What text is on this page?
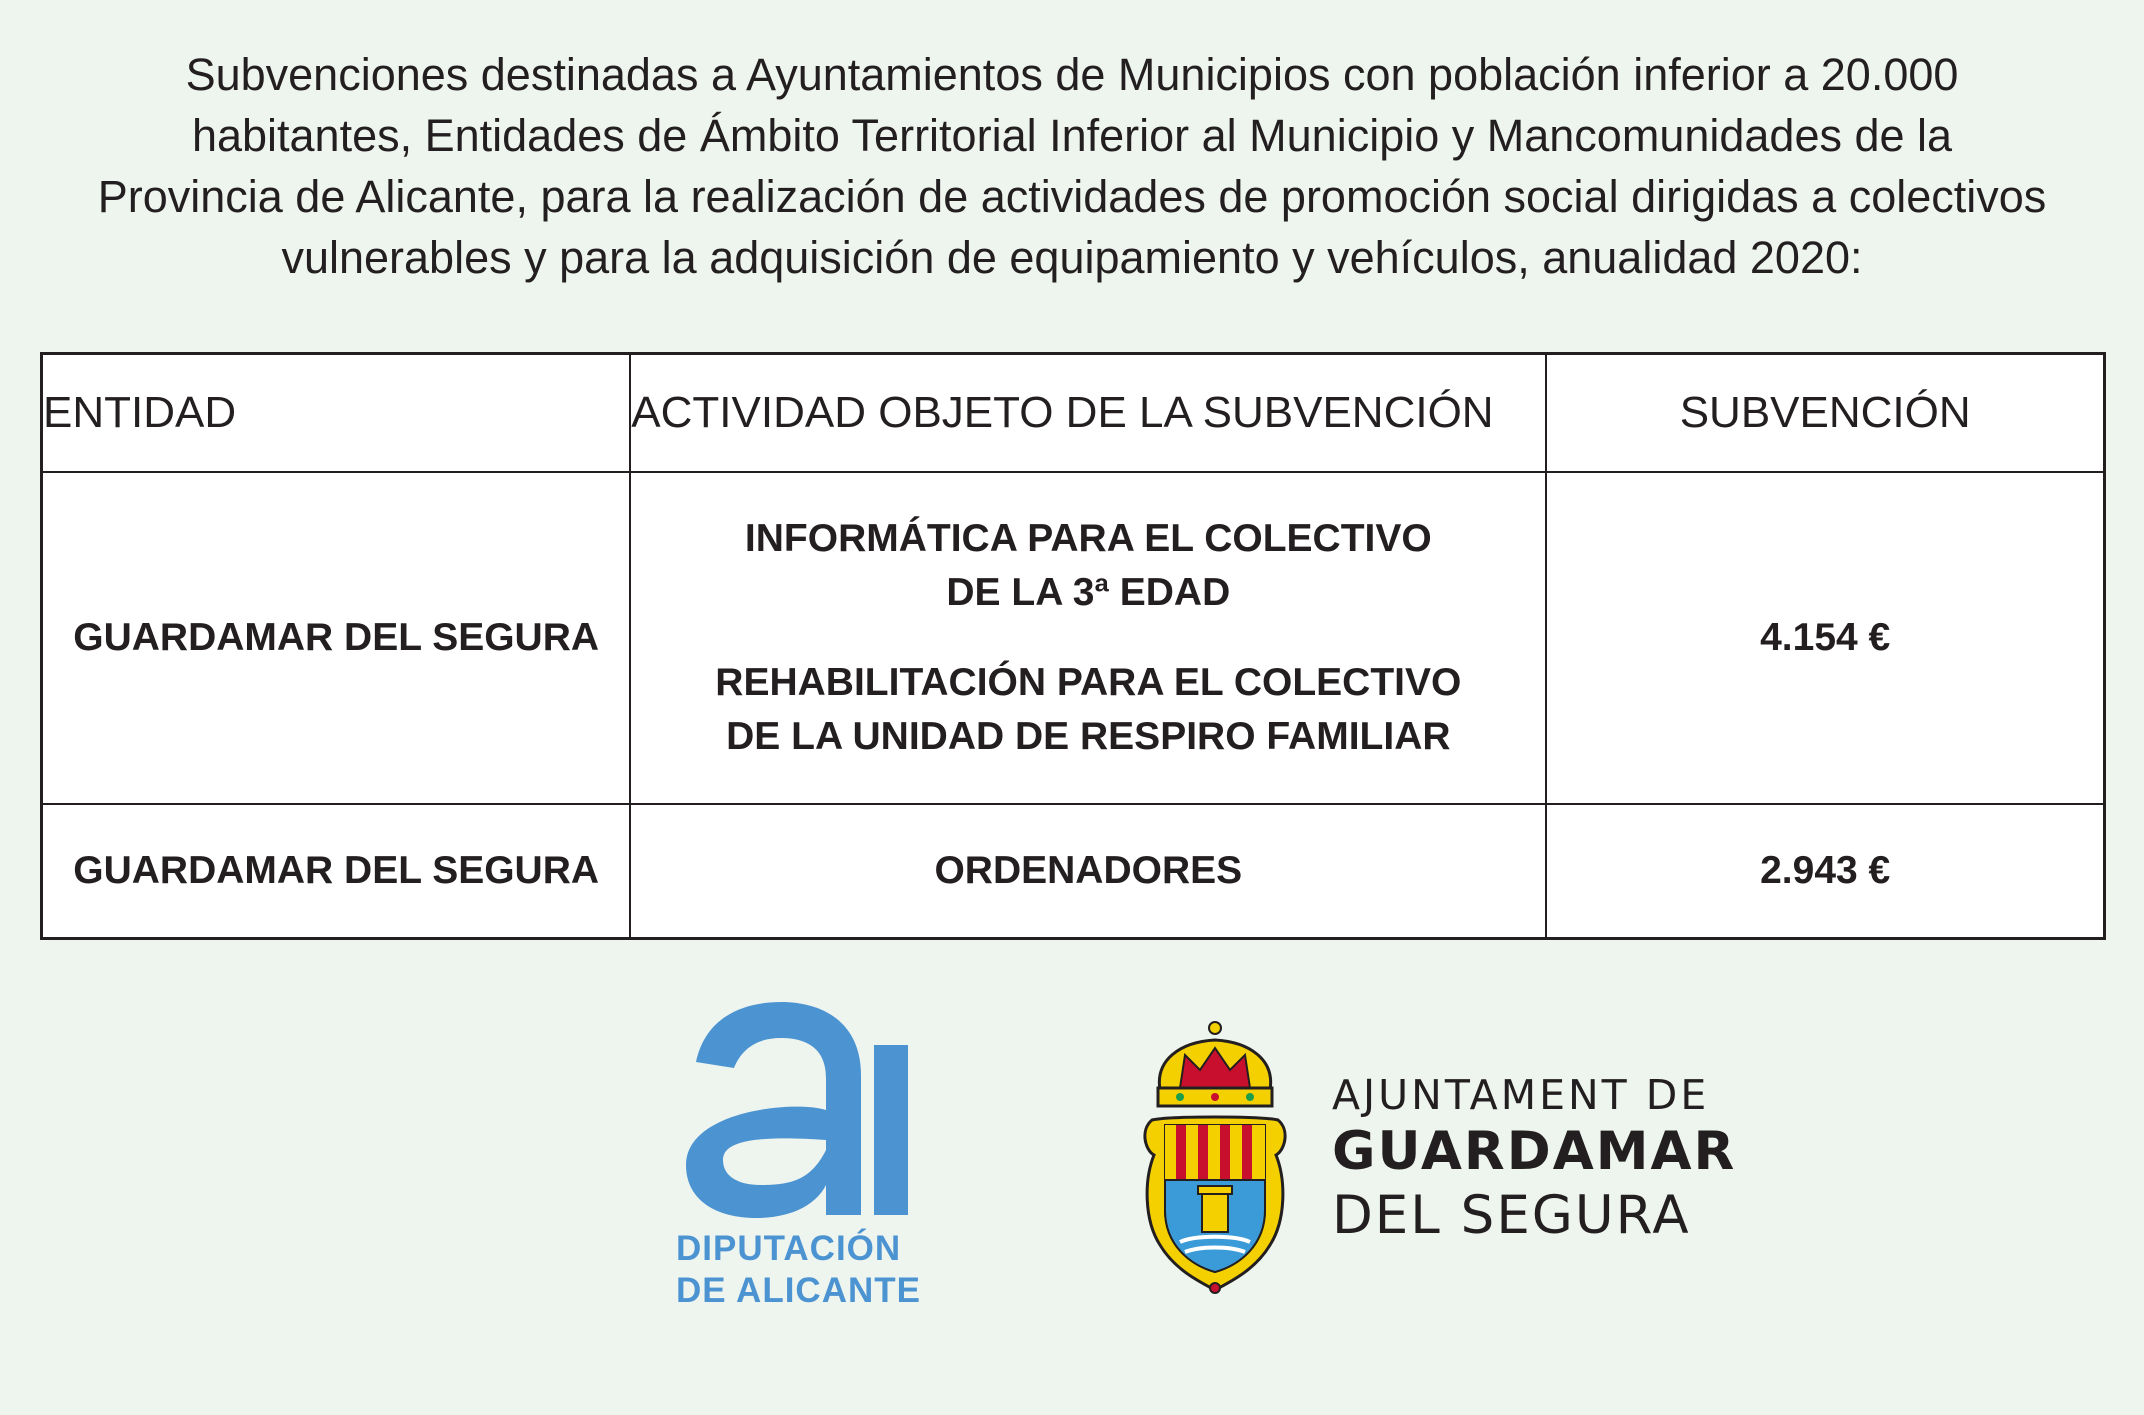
Subvenciones destinadas a Ayuntamientos de Municipios con población inferior a 20.000
habitantes, Entidades de Ámbito Territorial Inferior al Municipio y Mancomunidades de la
Provincia de Alicante, para la realización de actividades de promoción social dirigidas a colectivos
vulnerables y para la adquisición de equipamiento y vehículos, anualidad 2020:
ENTIDAD	ACTIVIDAD OBJETO DE LA SUBVENCIÓN	SUBVENCIÓN
GUARDAMAR DEL SEGURA	INFORMÁTICA PARA EL COLECTIVO
DE LA 3ª EDAD
REHABILITACIÓN PARA EL COLECTIVO
DE LA UNIDAD DE RESPIRO FAMILIAR	4.154 €
GUARDAMAR DEL SEGURA	ORDENADORES	2.943 €
DIPUTACIÓN
DE ALICANTE
AJUNTAMENT DE
GUARDAMAR
DEL SEGURA
